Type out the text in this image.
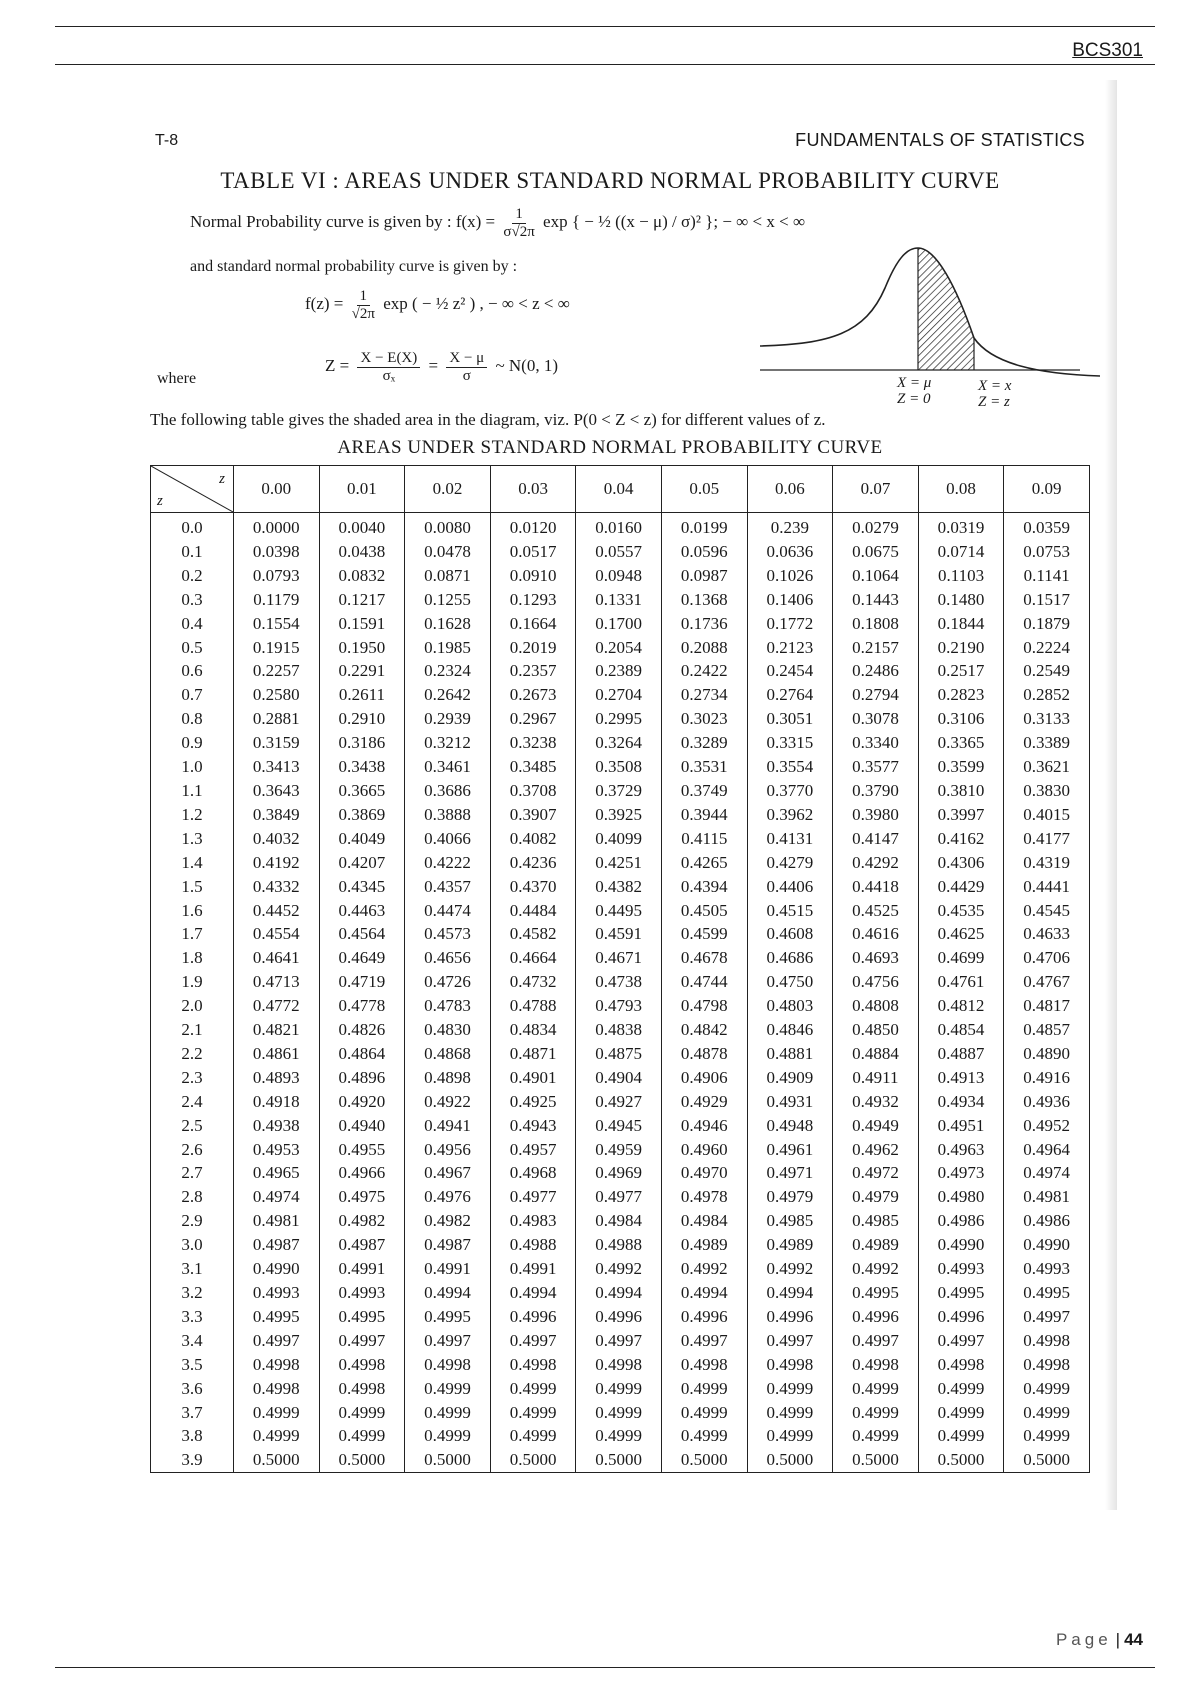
BCS301
T-8	FUNDAMENTALS OF STATISTICS
TABLE VI : AREAS UNDER STANDARD NORMAL PROBABILITY CURVE
Normal Probability curve is given by : $f(x) = \frac{1}{\sigma√2\pi}$ exp { − ½ ((x − μ) / σ)² }; − ∞ < x < ∞
and standard normal probability curve is given by :
$f(z) = \frac{1}{√2\pi}$ exp ( − ½ z² ) , − ∞ < z < ∞
where
$Z = \frac{X - E(X)}{\text{σₓ}} = \frac{X - \mu}{\sigma}$ ~ N(0, 1)
X = μ
Z = 0
X = x
Z = z
The following table gives the shaded area in the diagram, viz. P(0 < Z < z) for different values of z.
AREAS UNDER STANDARD NORMAL PROBABILITY CURVE
z
z	0.00	0.01	0.02	0.03	0.04	0.05	0.06	0.07	0.08	0.09
0.0	0.0000	0.0040	0.0080	0.0120	0.0160	0.0199	0.239	0.0279	0.0319	0.0359
0.1	0.0398	0.0438	0.0478	0.0517	0.0557	0.0596	0.0636	0.0675	0.0714	0.0753
0.2	0.0793	0.0832	0.0871	0.0910	0.0948	0.0987	0.1026	0.1064	0.1103	0.1141
0.3	0.1179	0.1217	0.1255	0.1293	0.1331	0.1368	0.1406	0.1443	0.1480	0.1517
0.4	0.1554	0.1591	0.1628	0.1664	0.1700	0.1736	0.1772	0.1808	0.1844	0.1879
0.5	0.1915	0.1950	0.1985	0.2019	0.2054	0.2088	0.2123	0.2157	0.2190	0.2224
0.6	0.2257	0.2291	0.2324	0.2357	0.2389	0.2422	0.2454	0.2486	0.2517	0.2549
0.7	0.2580	0.2611	0.2642	0.2673	0.2704	0.2734	0.2764	0.2794	0.2823	0.2852
0.8	0.2881	0.2910	0.2939	0.2967	0.2995	0.3023	0.3051	0.3078	0.3106	0.3133
0.9	0.3159	0.3186	0.3212	0.3238	0.3264	0.3289	0.3315	0.3340	0.3365	0.3389
1.0	0.3413	0.3438	0.3461	0.3485	0.3508	0.3531	0.3554	0.3577	0.3599	0.3621
1.1	0.3643	0.3665	0.3686	0.3708	0.3729	0.3749	0.3770	0.3790	0.3810	0.3830
1.2	0.3849	0.3869	0.3888	0.3907	0.3925	0.3944	0.3962	0.3980	0.3997	0.4015
1.3	0.4032	0.4049	0.4066	0.4082	0.4099	0.4115	0.4131	0.4147	0.4162	0.4177
1.4	0.4192	0.4207	0.4222	0.4236	0.4251	0.4265	0.4279	0.4292	0.4306	0.4319
1.5	0.4332	0.4345	0.4357	0.4370	0.4382	0.4394	0.4406	0.4418	0.4429	0.4441
1.6	0.4452	0.4463	0.4474	0.4484	0.4495	0.4505	0.4515	0.4525	0.4535	0.4545
1.7	0.4554	0.4564	0.4573	0.4582	0.4591	0.4599	0.4608	0.4616	0.4625	0.4633
1.8	0.4641	0.4649	0.4656	0.4664	0.4671	0.4678	0.4686	0.4693	0.4699	0.4706
1.9	0.4713	0.4719	0.4726	0.4732	0.4738	0.4744	0.4750	0.4756	0.4761	0.4767
2.0	0.4772	0.4778	0.4783	0.4788	0.4793	0.4798	0.4803	0.4808	0.4812	0.4817
2.1	0.4821	0.4826	0.4830	0.4834	0.4838	0.4842	0.4846	0.4850	0.4854	0.4857
2.2	0.4861	0.4864	0.4868	0.4871	0.4875	0.4878	0.4881	0.4884	0.4887	0.4890
2.3	0.4893	0.4896	0.4898	0.4901	0.4904	0.4906	0.4909	0.4911	0.4913	0.4916
2.4	0.4918	0.4920	0.4922	0.4925	0.4927	0.4929	0.4931	0.4932	0.4934	0.4936
2.5	0.4938	0.4940	0.4941	0.4943	0.4945	0.4946	0.4948	0.4949	0.4951	0.4952
2.6	0.4953	0.4955	0.4956	0.4957	0.4959	0.4960	0.4961	0.4962	0.4963	0.4964
2.7	0.4965	0.4966	0.4967	0.4968	0.4969	0.4970	0.4971	0.4972	0.4973	0.4974
2.8	0.4974	0.4975	0.4976	0.4977	0.4977	0.4978	0.4979	0.4979	0.4980	0.4981
2.9	0.4981	0.4982	0.4982	0.4983	0.4984	0.4984	0.4985	0.4985	0.4986	0.4986
3.0	0.4987	0.4987	0.4987	0.4988	0.4988	0.4989	0.4989	0.4989	0.4990	0.4990
3.1	0.4990	0.4991	0.4991	0.4991	0.4992	0.4992	0.4992	0.4992	0.4993	0.4993
3.2	0.4993	0.4993	0.4994	0.4994	0.4994	0.4994	0.4994	0.4995	0.4995	0.4995
3.3	0.4995	0.4995	0.4995	0.4996	0.4996	0.4996	0.4996	0.4996	0.4996	0.4997
3.4	0.4997	0.4997	0.4997	0.4997	0.4997	0.4997	0.4997	0.4997	0.4997	0.4998
3.5	0.4998	0.4998	0.4998	0.4998	0.4998	0.4998	0.4998	0.4998	0.4998	0.4998
3.6	0.4998	0.4998	0.4999	0.4999	0.4999	0.4999	0.4999	0.4999	0.4999	0.4999
3.7	0.4999	0.4999	0.4999	0.4999	0.4999	0.4999	0.4999	0.4999	0.4999	0.4999
3.8	0.4999	0.4999	0.4999	0.4999	0.4999	0.4999	0.4999	0.4999	0.4999	0.4999
3.9	0.5000	0.5000	0.5000	0.5000	0.5000	0.5000	0.5000	0.5000	0.5000	0.5000
Page | 44
